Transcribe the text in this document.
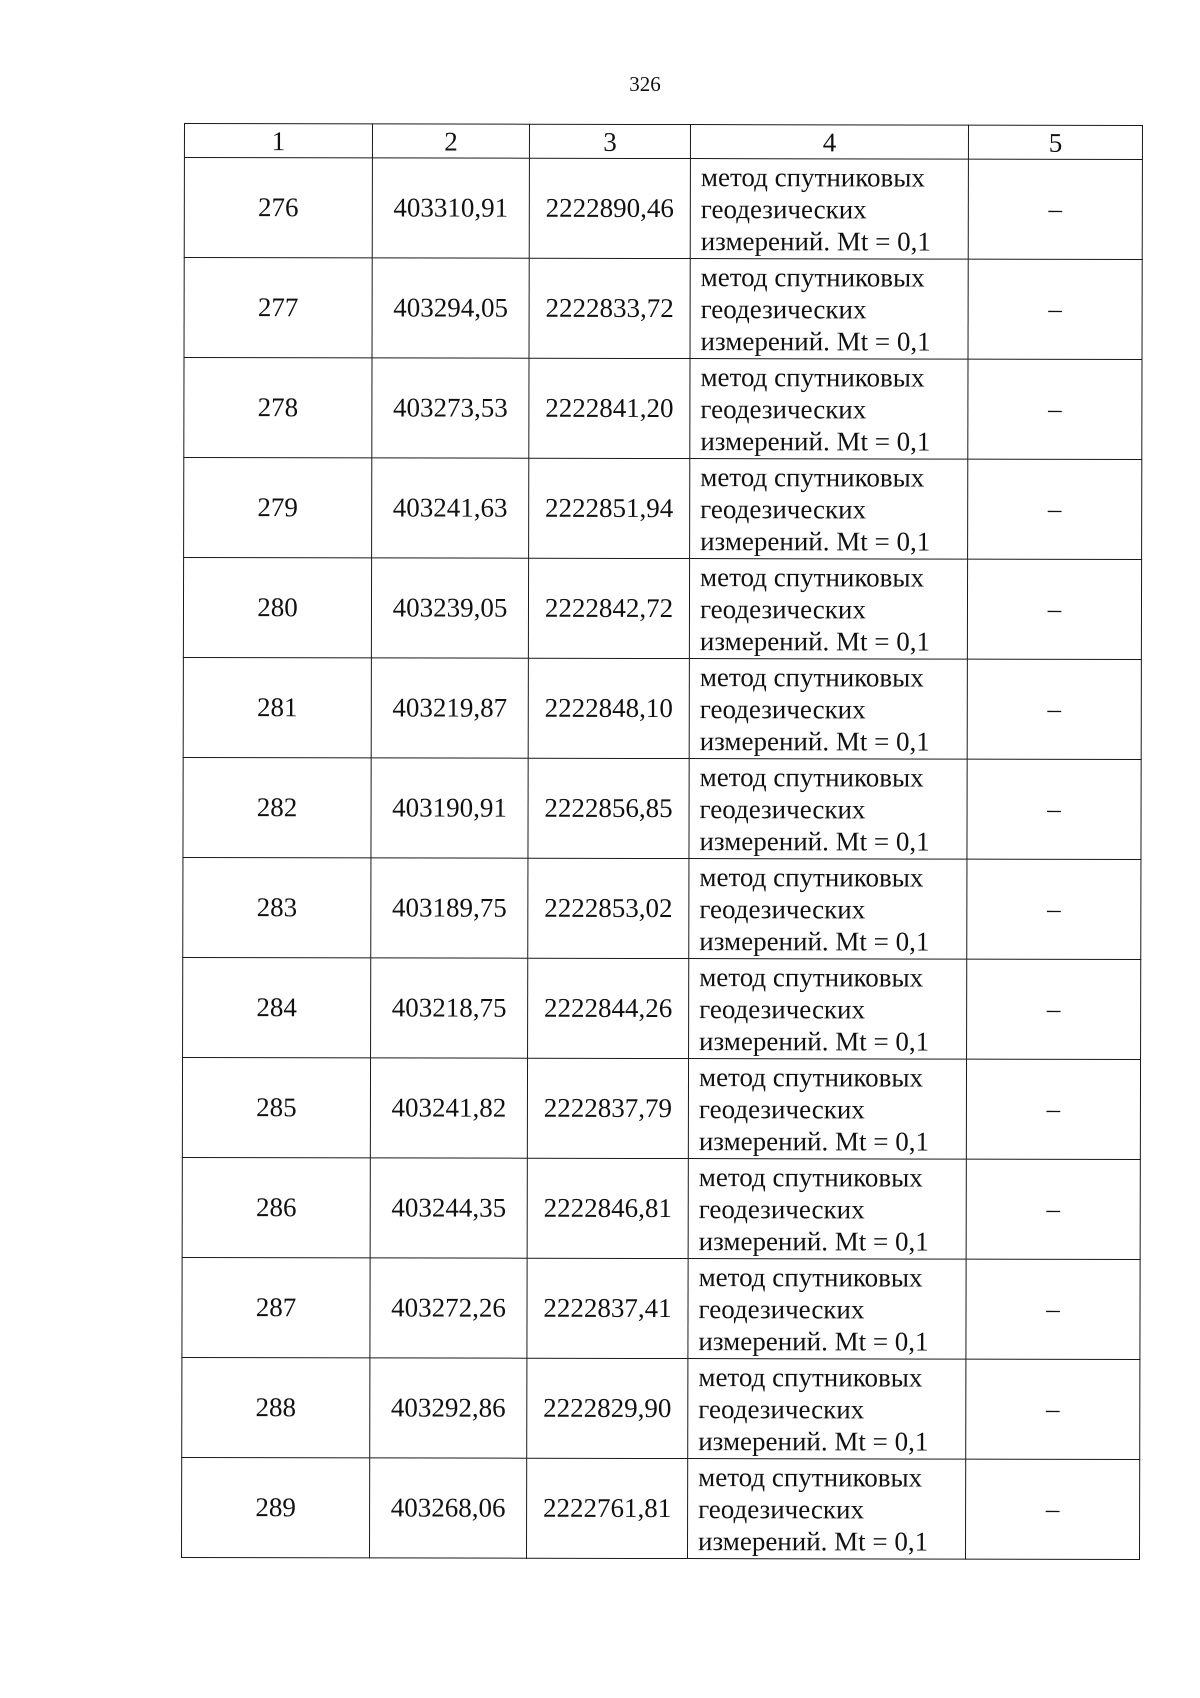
326
1	2	3	4	5
276	403310,91	2222890,46	метод спутниковых
геодезических
измерений. Mt = 0,1	–
277	403294,05	2222833,72	метод спутниковых
геодезических
измерений. Mt = 0,1	–
278	403273,53	2222841,20	метод спутниковых
геодезических
измерений. Mt = 0,1	–
279	403241,63	2222851,94	метод спутниковых
геодезических
измерений. Mt = 0,1	–
280	403239,05	2222842,72	метод спутниковых
геодезических
измерений. Mt = 0,1	–
281	403219,87	2222848,10	метод спутниковых
геодезических
измерений. Mt = 0,1	–
282	403190,91	2222856,85	метод спутниковых
геодезических
измерений. Mt = 0,1	–
283	403189,75	2222853,02	метод спутниковых
геодезических
измерений. Mt = 0,1	–
284	403218,75	2222844,26	метод спутниковых
геодезических
измерений. Mt = 0,1	–
285	403241,82	2222837,79	метод спутниковых
геодезических
измерений. Mt = 0,1	–
286	403244,35	2222846,81	метод спутниковых
геодезических
измерений. Mt = 0,1	–
287	403272,26	2222837,41	метод спутниковых
геодезических
измерений. Mt = 0,1	–
288	403292,86	2222829,90	метод спутниковых
геодезических
измерений. Mt = 0,1	–
289	403268,06	2222761,81	метод спутниковых
геодезических
измерений. Mt = 0,1	–
